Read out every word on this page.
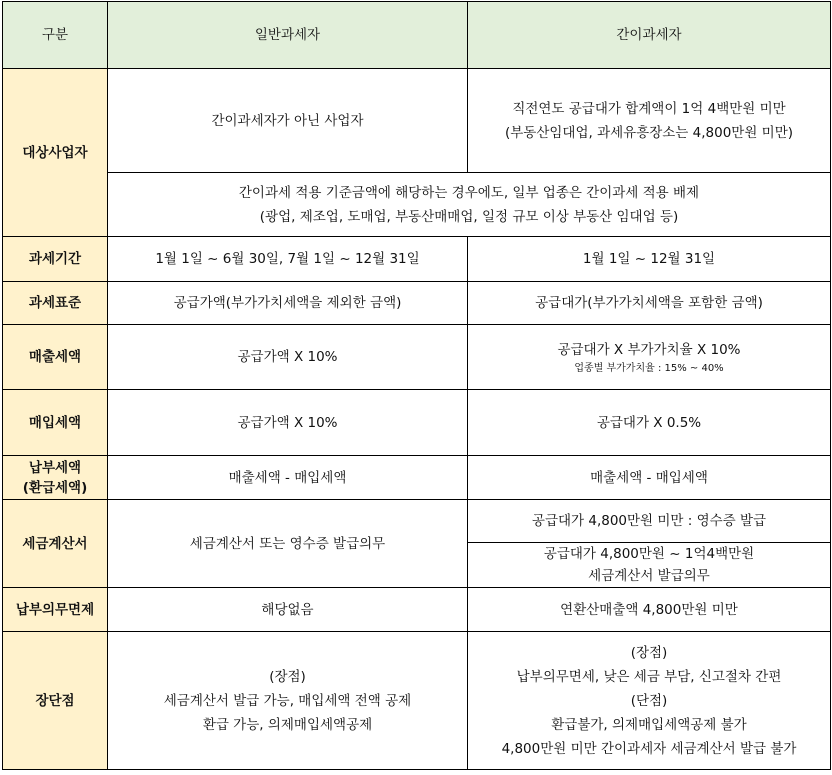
구분	일반과세자	간이과세자
대상사업자	간이과세자가 아닌 사업자	직전연도 공급대가 합계액이 1억 4백만원 미만
(부동산임대업, 과세유흥장소는 4,800만원 미만)

	간이과세 적용 기준금액에 해당하는 경우에도, 일부 업종은 간이과세 적용 배제
(광업, 제조업, 도매업, 부동산매매업, 일정 규모 이상 부동산 임대업 등)	

과세기간	1월 1일 ~ 6월 30일, 7월 1일 ~ 12월 31일	1월 1일 ~ 12월 31일
과세표준	공급가액(부가가치세액을 제외한 금액)	공급대가(부가가치세액을 포함한 금액)
매출세액	공급가액 X 10%	공급대가 X 부가가치율 X 10%
업종별 부가가치율 : 15% ~ 40%

매입세액	공급가액 X 10%	공급대가 X 0.5%

납부세액
(환급세액)	매출세액 - 매입세액	매출세액 - 매입세액
세금계산서	세금계산서 또는 영수증 발급의무	공급대가 4,800만원 미만 : 영수증 발급

		공급대가 4,800만원 ~ 1억4백만원
세금계산서 발급의무

납부의무면제	해당없음	연환산매출액 4,800만원 미만
장단점	(장점)
세금계산서 발급 가능, 매입세액 전액 공제
환급 가능, 의제매입세액공제	(장점)
납부의무면세, 낮은 세금 부담, 신고절차 간편
(단점)
환급불가, 의제매입세액공제 불가
4,800만원 미만 간이과세자 세금계산서 발급 불가
